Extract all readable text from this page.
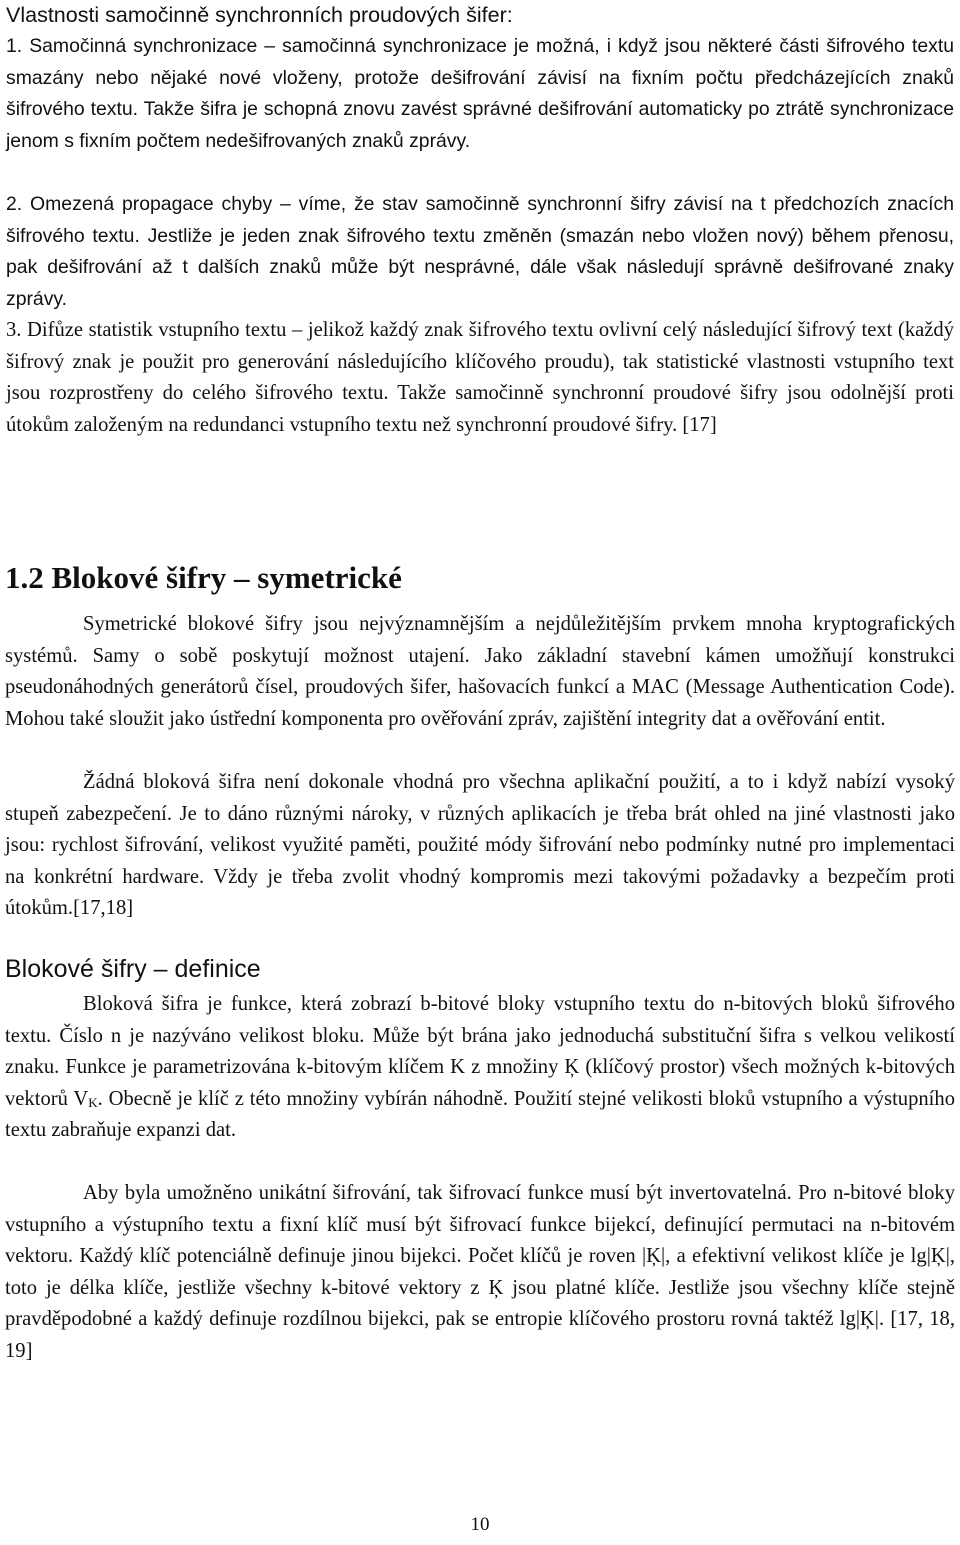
Vlastnosti samočinně synchronních proudových šifer:

1. Samočinná synchronizace – samočinná synchronizace je možná, i když jsou některé části šifrového textu smazány nebo nějaké nové vloženy, protože dešifrování závisí na fixním počtu předcházejících znaků šifrového textu. Takže šifra je schopná znovu zavést správné dešifrování automaticky po ztrátě synchronizace jenom s fixním počtem nedešifrovaných znaků zprávy.

2. Omezená propagace chyby – víme, že stav samočinně synchronní šifry závisí na t předchozích znacích šifrového textu. Jestliže je jeden znak šifrového textu změněn (smazán nebo vložen nový) během přenosu, pak dešifrování až t dalších znaků může být nesprávné, dále však následují správně dešifrované znaky zprávy.

3. Difůze statistik vstupního textu – jelikož každý znak šifrového textu ovlivní celý následující šifrový text (každý šifrový znak je použit pro generování následujícího klíčového proudu), tak statistické vlastnosti vstupního text jsou rozprostřeny do celého šifrového textu. Takže samočinně synchronní proudové šifry jsou odolnější proti útokům založeným na redundanci vstupního textu než synchronní proudové šifry. [17]

1.2 Blokové šifry – symetrické

Symetrické blokové šifry jsou nejvýznamnějším a nejdůležitějším prvkem mnoha kryptografických systémů. Samy o sobě poskytují možnost utajení. Jako základní stavební kámen umožňují konstrukci pseudonáhodných generátorů čísel, proudových šifer, hašovacích funkcí a MAC (Message Authentication Code). Mohou také sloužit jako ústřední komponenta pro ověřování zpráv, zajištění integrity dat a ověřování entit.

Žádná bloková šifra není dokonale vhodná pro všechna aplikační použití, a to i když nabízí vysoký stupeň zabezpečení. Je to dáno různými nároky, v různých aplikacích je třeba brát ohled na jiné vlastnosti jako jsou: rychlost šifrování, velikost využité paměti, použité módy šifrování nebo podmínky nutné pro implementaci na konkrétní hardware. Vždy je třeba zvolit vhodný kompromis mezi takovými požadavky a bezpečím proti útokům.[17,18]

Blokové šifry – definice

Bloková šifra je funkce, která zobrazí b-bitové bloky vstupního textu do n-bitových bloků šifrového textu. Číslo n je nazýváno velikost bloku. Může být brána jako jednoduchá substituční šifra s velkou velikostí znaku. Funkce je parametrizována k-bitovým klíčem K z množiny Ķ (klíčový prostor) všech možných k-bitových vektorů $V_K$. Obecně je klíč z této množiny vybírán náhodně. Použití stejné velikosti bloků vstupního a výstupního textu zabraňuje expanzi dat.

Aby byla umožněno unikátní šifrování, tak šifrovací funkce musí být invertovatelná. Pro n-bitové bloky vstupního a výstupního textu a fixní klíč musí být šifrovací funkce bijekcí, definující permutaci na n-bitovém vektoru. Každý klíč potenciálně definuje jinou bijekci. Počet klíčů je roven |Ķ|, a efektivní velikost klíče je lg|Ķ|, toto je délka klíče, jestliže všechny k-bitové vektory z Ķ jsou platné klíče. Jestliže jsou všechny klíče stejně pravděpodobné a každý definuje rozdílnou bijekci, pak se entropie klíčového prostoru rovná taktéž lg|Ķ|. [17, 18, 19]

10
